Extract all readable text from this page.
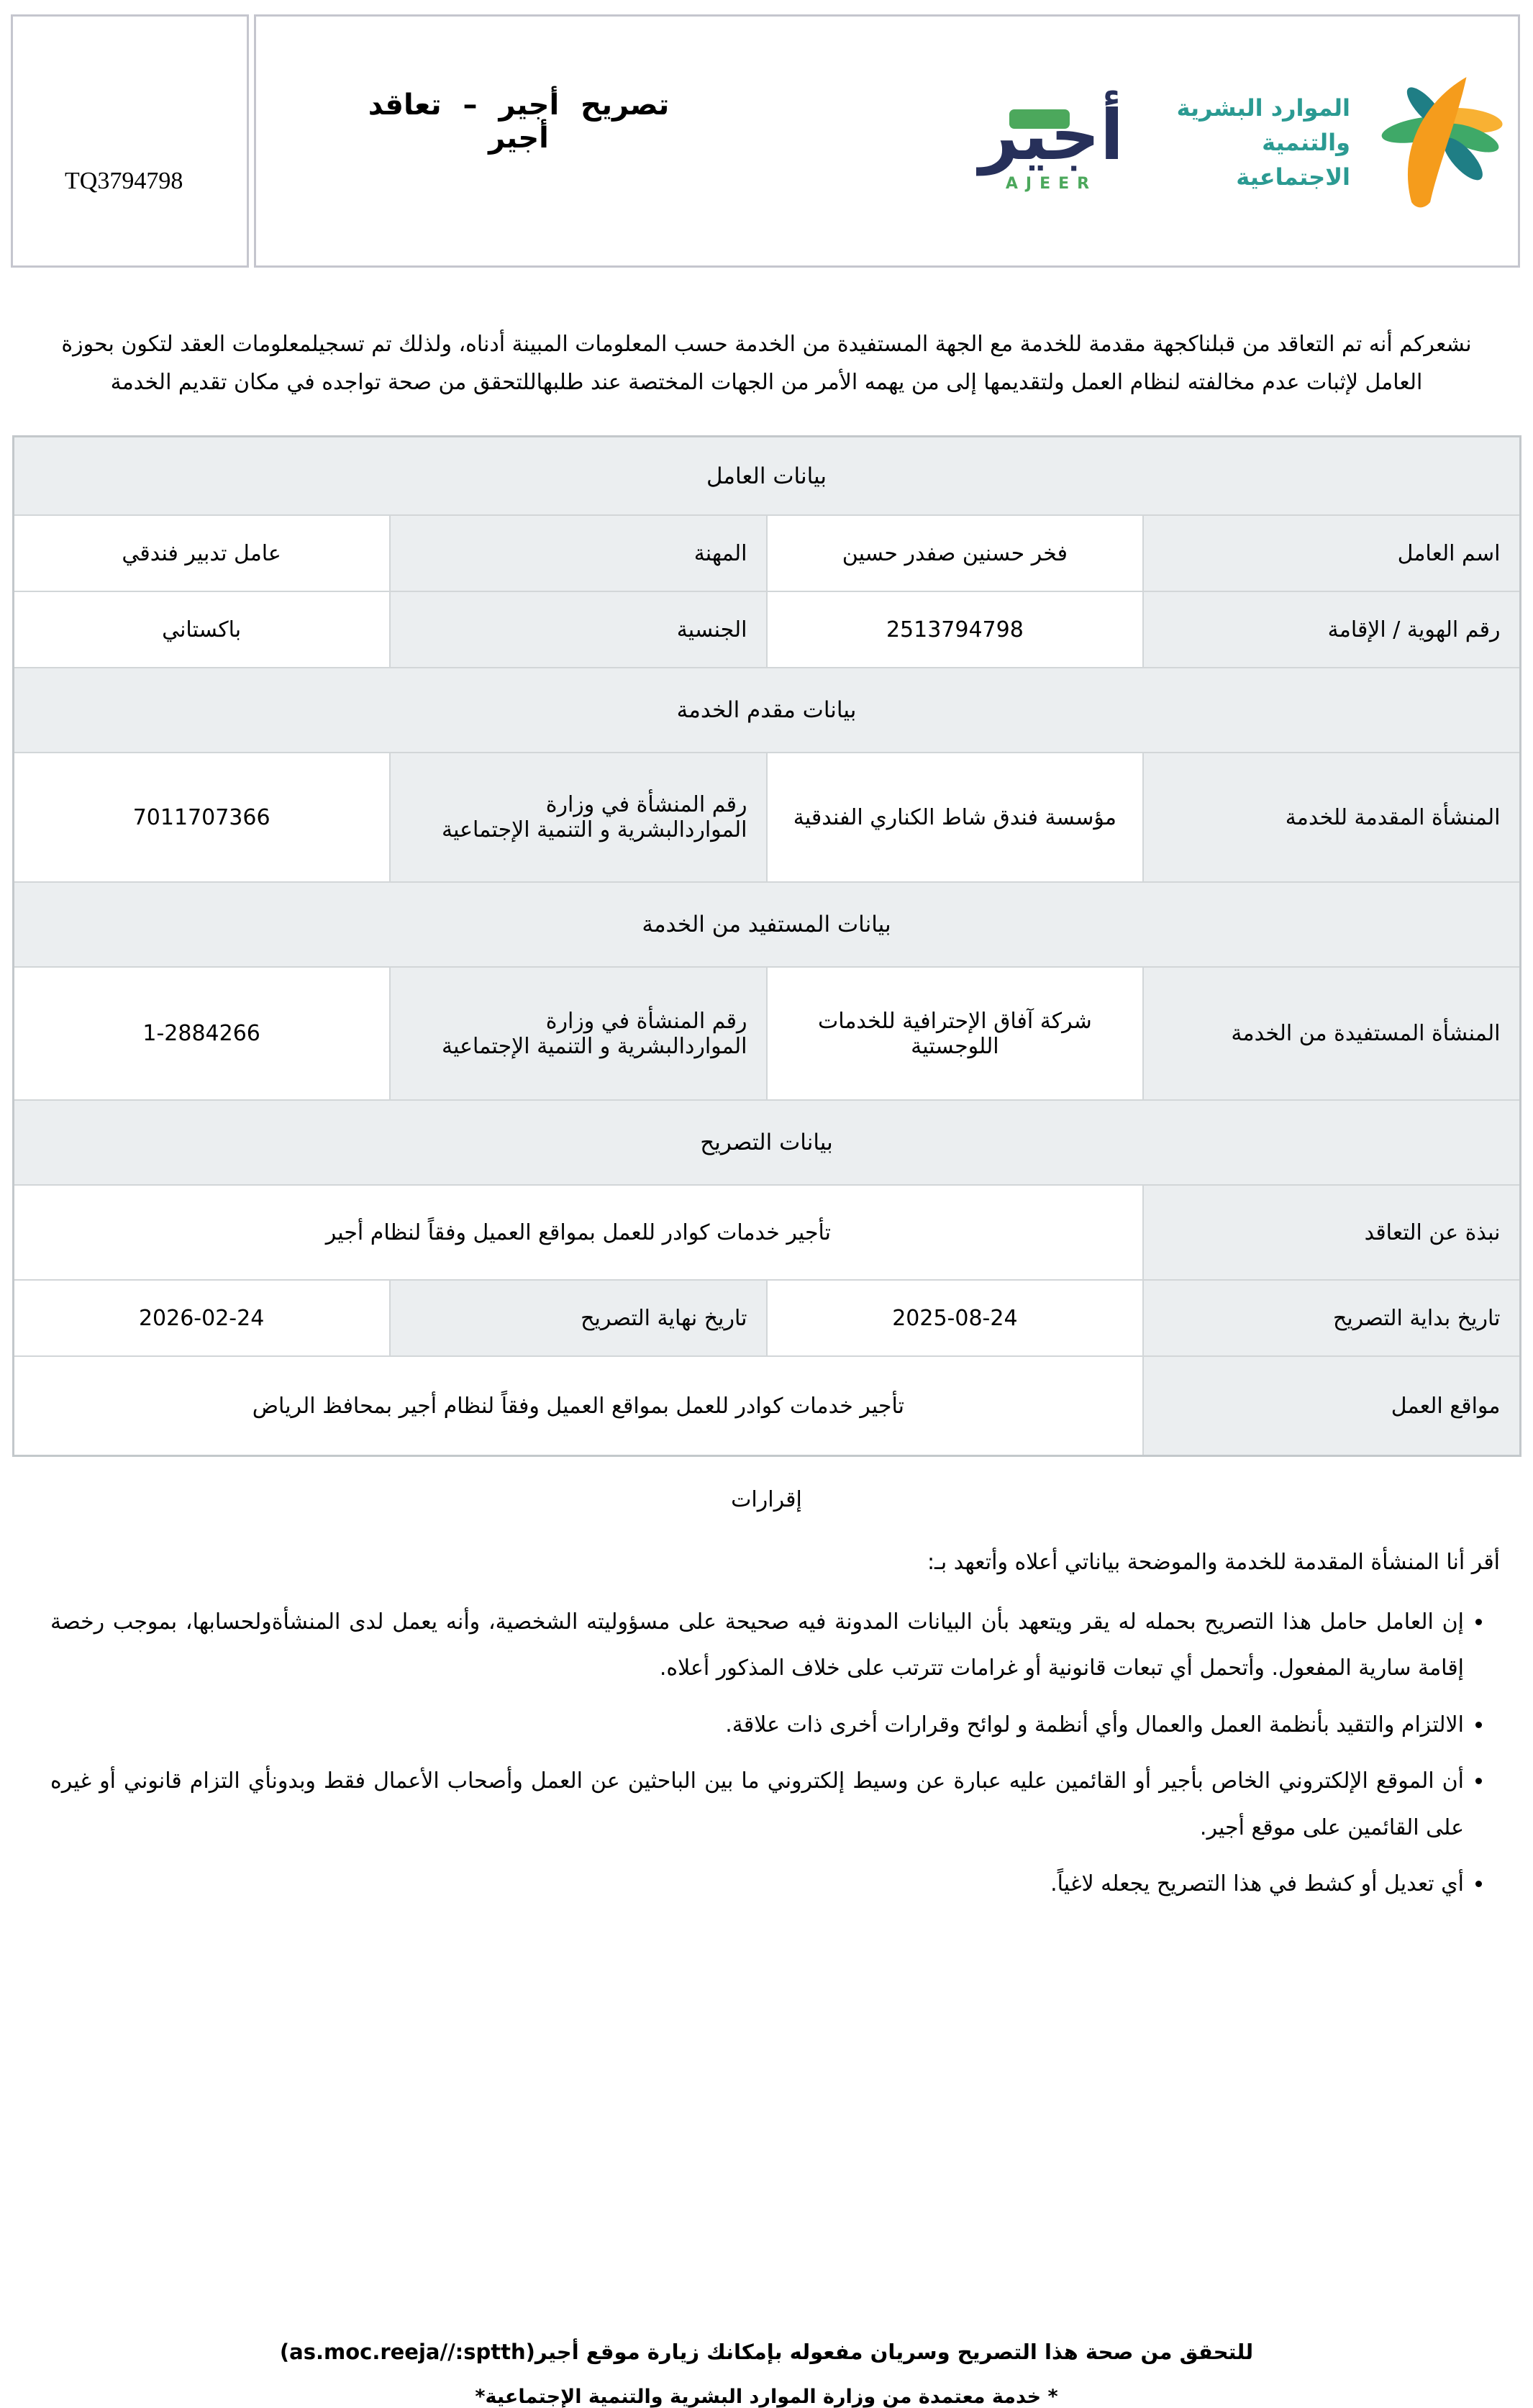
TQ3794798
تصريح أجير – تعاقد أجير	أجير
AJEER
الموارد البشرية
والتنمية الاجتماعية

نشعركم أنه تم التعاقد من قبلناكجهة مقدمة للخدمة مع الجهة المستفيدة من الخدمة حسب المعلومات المبينة أدناه، ولذلك تم تسجيلمعلومات العقد لتكون بحوزة العامل لإثبات عدم مخالفته لنظام العمل ولتقديمها إلى من يهمه الأمر من الجهات المختصة عند طلبهاللتحقق من صحة تواجده في مكان تقديم الخدمة

بيانات العامل			
اسم العامل	فخر حسنين صفدر حسين	المهنة	عامل تدبير فندقي
رقم الهوية / الإقامة	2513794798	الجنسية	باكستاني
بيانات مقدم الخدمة			
المنشأة المقدمة للخدمة	مؤسسة فندق شاط الكناري الفندقية	رقم المنشأة في وزارة المواردالبشرية و التنمية الإجتماعية	7011707366
بيانات المستفيد من الخدمة			
المنشأة المستفيدة من الخدمة	شركة آفاق الإحترافية للخدمات اللوجستية	رقم المنشأة في وزارة المواردالبشرية و التنمية الإجتماعية	1-2884266
بيانات التصريح			
نبذة عن التعاقد	تأجير خدمات كوادر للعمل بمواقع العميل وفقاً لنظام أجير		
تاريخ بداية التصريح	2025-08-24	تاريخ نهاية التصريح	2026-02-24
مواقع العمل	تأجير خدمات كوادر للعمل بمواقع العميل وفقاً لنظام أجير بمحافظ الرياض		
إقرارات

أقر أنا المنشأة المقدمة للخدمة والموضحة بياناتي أعلاه وأتعهد بـ:

• إن العامل حامل هذا التصريح بحمله له يقر ويتعهد بأن البيانات المدونة فيه صحيحة على مسؤوليته الشخصية، وأنه يعمل لدى المنشأةولحسابها، بموجب رخصة إقامة سارية المفعول. وأتحمل أي تبعات قانونية أو غرامات تترتب على خلاف المذكور أعلاه.
• الالتزام والتقيد بأنظمة العمل والعمال وأي أنظمة و لوائح وقرارات أخرى ذات علاقة.
• أن الموقع الإلكتروني الخاص بأجير أو القائمين عليه عبارة عن وسيط إلكتروني ما بين الباحثين عن العمل وأصحاب الأعمال فقط وبدونأي التزام قانوني أو غيره على القائمين على موقع أجير.
• أي تعديل أو كشط في هذا التصريح يجعله لاغياً.
للتحقق من صحة هذا التصريح وسريان مفعوله بإمكانك زيارة موقع أجير(as.moc.reeja//:sptth)
* خدمة معتمدة من وزارة الموارد البشرية والتنمية الإجتماعية*
